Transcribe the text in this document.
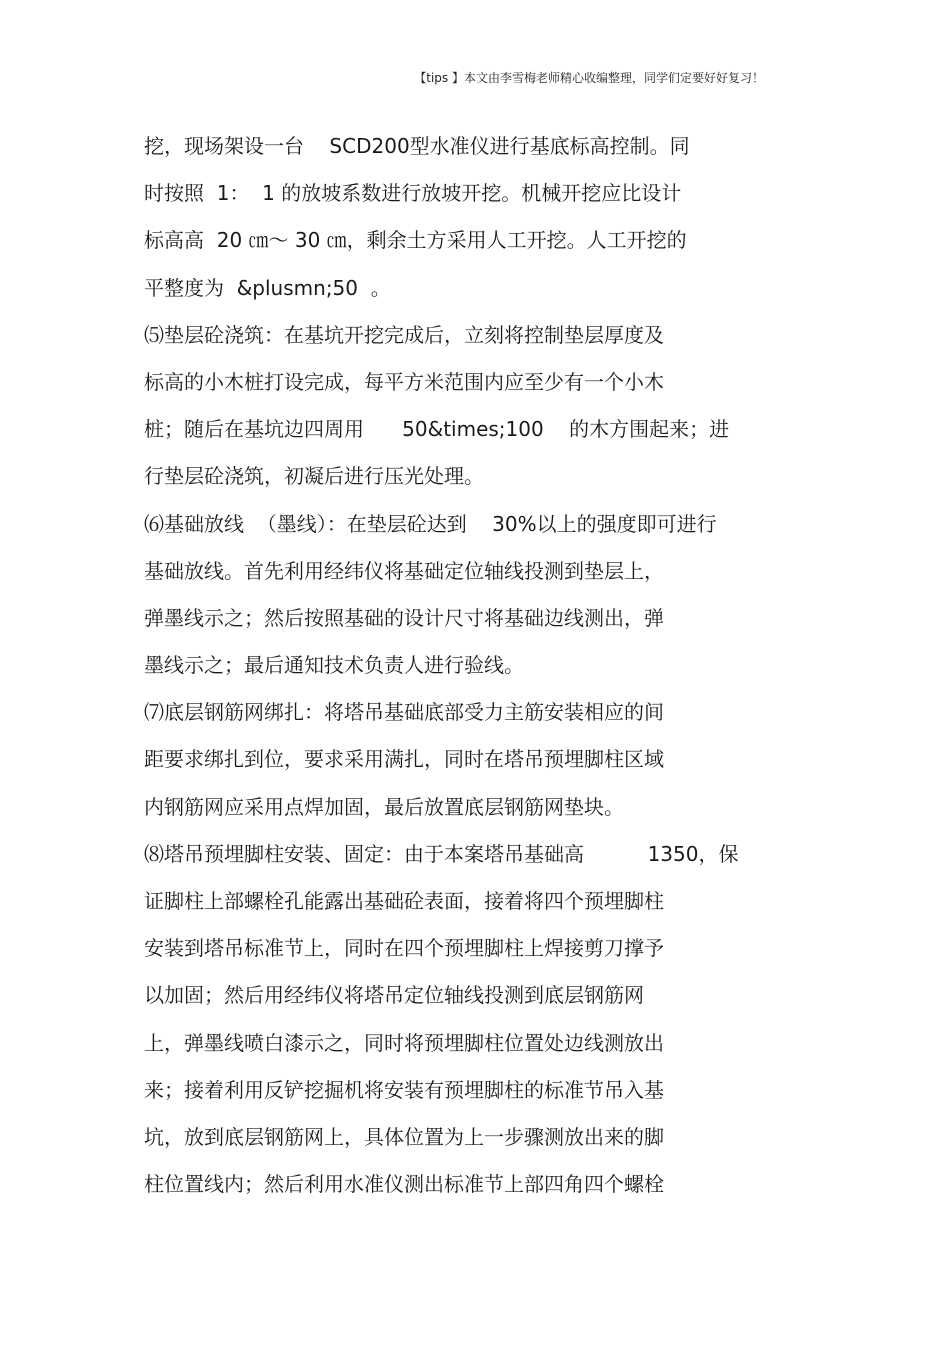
【tips 】本文由李雪梅老师精心收编整理，同学们定要好好复习！
挖，现场架设一台    SCD200型水准仪进行基底标高控制。同
时按照  1：  1 的放坡系数进行放坡开挖。机械开挖应比设计
标高高  20 ㎝～ 30 ㎝，剩余土方采用人工开挖。人工开挖的
平整度为  &plusmn;50  。
⑸垫层砼浇筑：在基坑开挖完成后，立刻将控制垫层厚度及
标高的小木桩打设完成，每平方米范围内应至少有一个小木
桩；随后在基坑边四周用      50&times;100    的木方围起来；进
行垫层砼浇筑，初凝后进行压光处理。
⑹基础放线  （墨线）：在垫层砼达到    30%以上的强度即可进行
基础放线。首先利用经纬仪将基础定位轴线投测到垫层上，
弹墨线示之；然后按照基础的设计尺寸将基础边线测出，弹
墨线示之；最后通知技术负责人进行验线。
⑺底层钢筋网绑扎：将塔吊基础底部受力主筋安装相应的间
距要求绑扎到位，要求采用满扎，同时在塔吊预埋脚柱区域
内钢筋网应采用点焊加固，最后放置底层钢筋网垫块。
⑻塔吊预埋脚柱安装、固定：由于本案塔吊基础高          1350，保
证脚柱上部螺栓孔能露出基础砼表面，接着将四个预埋脚柱
安装到塔吊标准节上，同时在四个预埋脚柱上焊接剪刀撑予
以加固；然后用经纬仪将塔吊定位轴线投测到底层钢筋网
上，弹墨线喷白漆示之，同时将预埋脚柱位置处边线测放出
来；接着利用反铲挖掘机将安装有预埋脚柱的标准节吊入基
坑，放到底层钢筋网上，具体位置为上一步骤测放出来的脚
柱位置线内；然后利用水准仪测出标准节上部四角四个螺栓
